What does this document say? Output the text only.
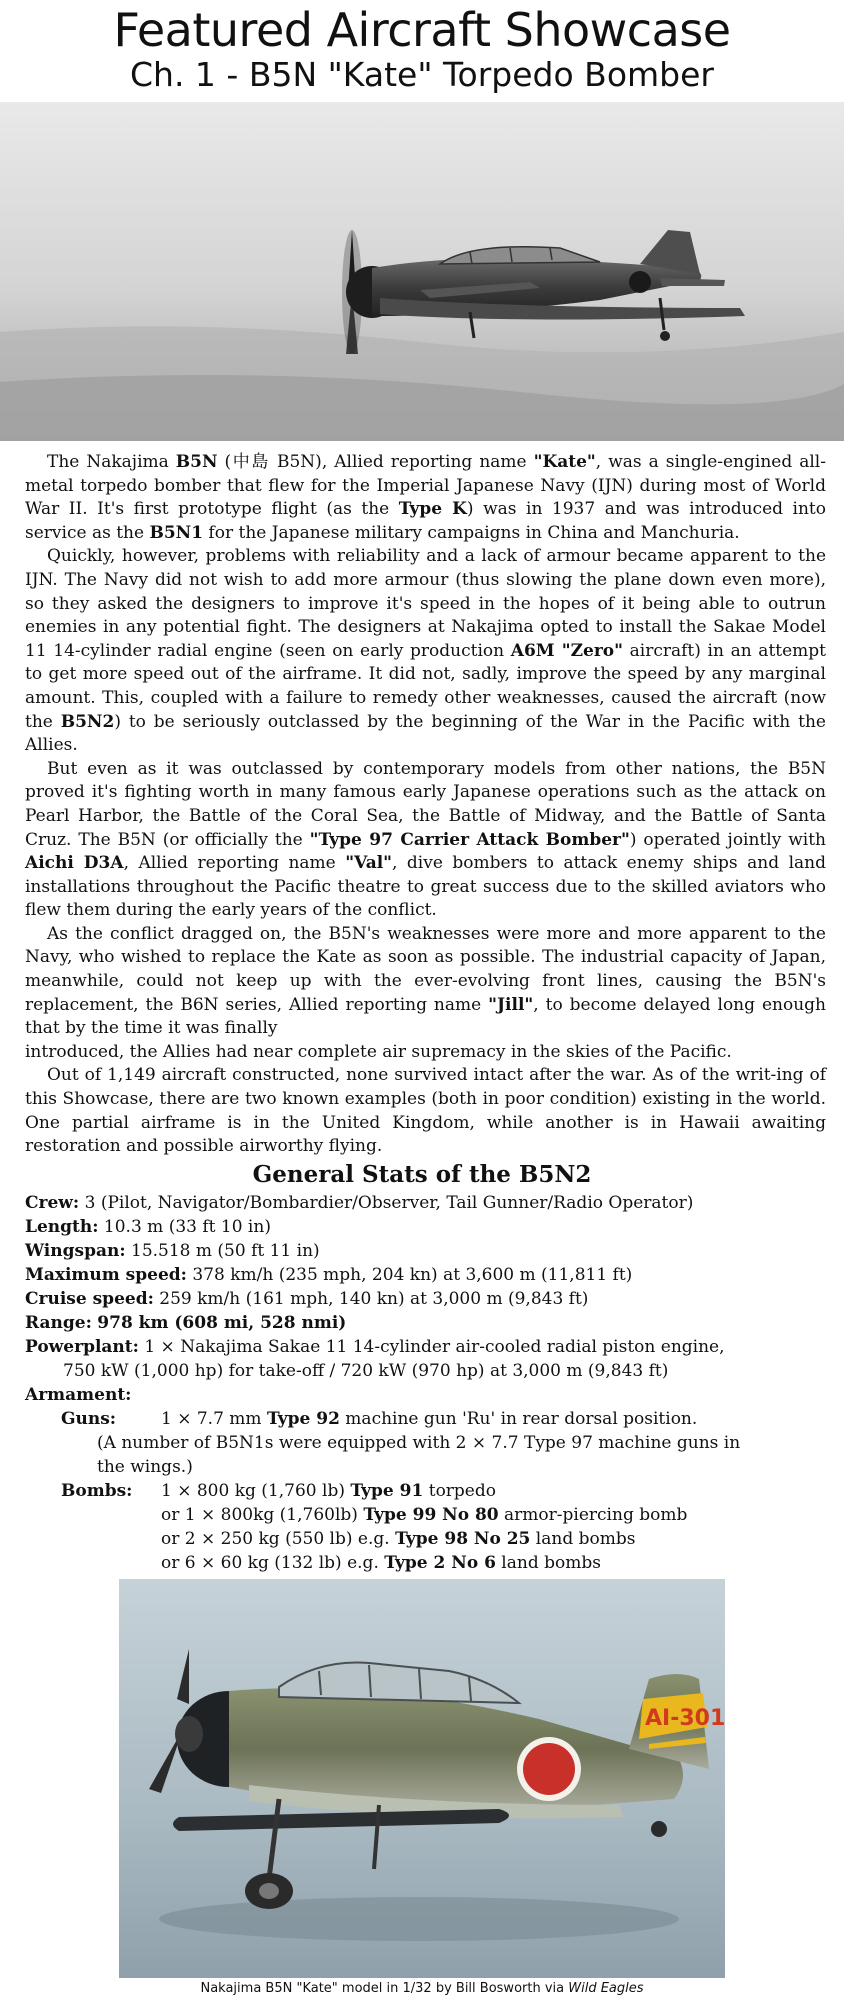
Featured Aircraft Showcase
Ch. 1 - B5N "Kate" Torpedo Bomber

The Nakajima B5N (中島 B5N), Allied reporting name "Kate", was a single-engined all-metal torpedo bomber that flew for the Imperial Japanese Navy (IJN) during most of World War II. It's first prototype flight (as the Type K) was in 1937 and was introduced into service as the B5N1 for the Japanese military campaigns in China and Manchuria.

Quickly, however, problems with reliability and a lack of armour became apparent to the IJN. The Navy did not wish to add more armour (thus slowing the plane down even more), so they asked the designers to improve it's speed in the hopes of it being able to outrun enemies in any potential fight. The designers at Nakajima opted to install the Sakae Model 11 14-cylinder radial engine (seen on early production A6M "Zero" aircraft) in an attempt to get more speed out of the airframe. It did not, sadly, improve the speed by any marginal amount. This, coupled with a failure to remedy other weaknesses, caused the aircraft (now the B5N2) to be seriously outclassed by the beginning of the War in the Pacific with the Allies.

But even as it was outclassed by contemporary models from other nations, the B5N proved it's fighting worth in many famous early Japanese operations such as the attack on Pearl Harbor, the Battle of the Coral Sea, the Battle of Midway, and the Battle of Santa Cruz. The B5N (or officially the "Type 97 Carrier Attack Bomber") operated jointly with Aichi D3A, Allied reporting name "Val", dive bombers to attack enemy ships and land installations throughout the Pacific theatre to great success due to the skilled aviators who flew them during the early years of the conflict.

As the conflict dragged on, the B5N's weaknesses were more and more apparent to the Navy, who wished to replace the Kate as soon as possible. The industrial capacity of Japan, meanwhile, could not keep up with the ever-evolving front lines, causing the B5N's replacement, the B6N series, Allied reporting name "Jill", to become delayed long enough that by the time it was finally

introduced, the Allies had near complete air supremacy in the skies of the Pacific.

Out of 1,149 aircraft constructed, none survived intact after the war. As of the writ-ing of this Showcase, there are two known examples (both in poor condition) existing in the world. One partial airframe is in the United Kingdom, while another is in Hawaii awaiting restoration and possible airworthy flying.

General Stats of the B5N2
Crew: 3 (Pilot, Navigator/Bombardier/Observer, Tail Gunner/Radio Operator)
Length: 10.3 m (33 ft 10 in)
Wingspan: 15.518 m (50 ft 11 in)
Maximum speed: 378 km/h (235 mph, 204 kn) at 3,600 m (11,811 ft)
Cruise speed: 259 km/h (161 mph, 140 kn) at 3,000 m (9,843 ft)
Range: 978 km (608 mi, 528 nmi)
Powerplant: 1 × Nakajima Sakae 11 14-cylinder air-cooled radial piston engine,
750 kW (1,000 hp) for take-off / 720 kW (970 hp) at 3,000 m (9,843 ft)
Armament:
Guns:	1 × 7.7 mm Type 92 machine gun 'Ru' in rear dorsal position.
(A number of B5N1s were equipped with 2 × 7.7 Type 97 machine guns in the wings.)
Bombs:	1 × 800 kg (1,760 lb) Type 91 torpedo
or 1 × 800kg (1,760lb) Type 99 No 80 armor-piercing bomb
or 2 × 250 kg (550 lb) e.g. Type 98 No 25 land bombs
or 6 × 60 kg (132 lb) e.g. Type 2 No 6 land bombs
AI-301
Nakajima B5N "Kate" model in 1/32 by Bill Bosworth via Wild Eagles
